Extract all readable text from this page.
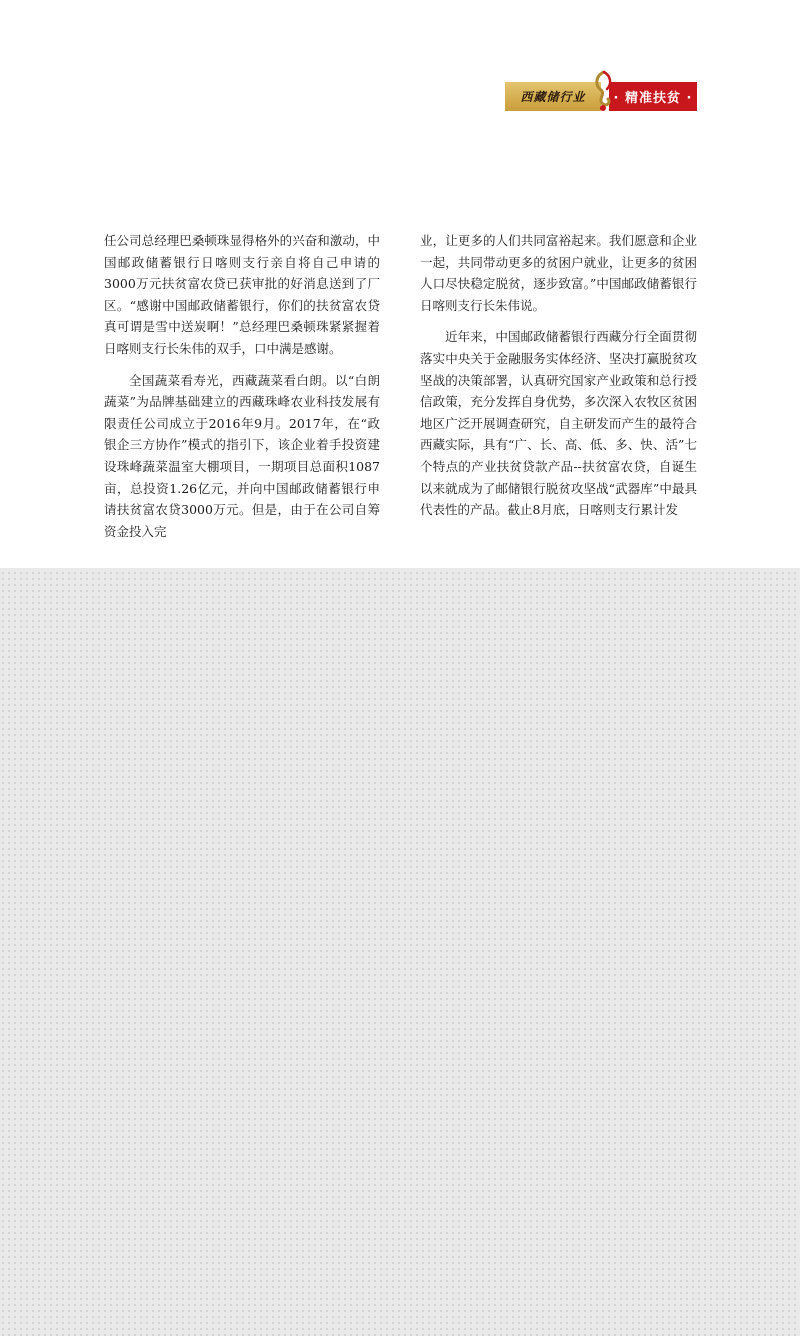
西藏储行业 · 精准扶贫 ·

任公司总经理巴桑顿珠显得格外的兴奋和激动，中国邮政储蓄银行日喀则支行亲自将自己申请的3000万元扶贫富农贷已获审批的好消息送到了厂区。“感谢中国邮政储蓄银行，你们的扶贫富农贷真可谓是雪中送炭啊！”总经理巴桑顿珠紧紧握着日喀则支行长朱伟的双手，口中满是感谢。

全国蔬菜看寿光，西藏蔬菜看白朗。以“白朗蔬菜”为品牌基础建立的西藏珠峰农业科技发展有限责任公司成立于2016年9月。2017年，在“政银企三方协作”模式的指引下，该企业着手投资建设珠峰蔬菜温室大棚项目，一期项目总面积1087亩，总投资1.26亿元，并向中国邮政储蓄银行申请扶贫富农贷3000万元。但是，由于在公司自筹资金投入完

业，让更多的人们共同富裕起来。我们愿意和企业一起，共同带动更多的贫困户就业，让更多的贫困人口尽快稳定脱贫，逐步致富。”中国邮政储蓄银行日喀则支行长朱伟说。

近年来，中国邮政储蓄银行西藏分行全面贯彻落实中央关于金融服务实体经济、坚决打赢脱贫攻坚战的决策部署，认真研究国家产业政策和总行授信政策，充分发挥自身优势，多次深入农牧区贫困地区广泛开展调查研究，自主研发而产生的最符合西藏实际，具有“广、长、高、低、多、快、活”七个特点的产业扶贫贷款产品--扶贫富农贷，自诞生以来就成为了邮储银行脱贫攻坚战“武器库”中最具代表性的产品。截止8月底，日喀则支行累计发
